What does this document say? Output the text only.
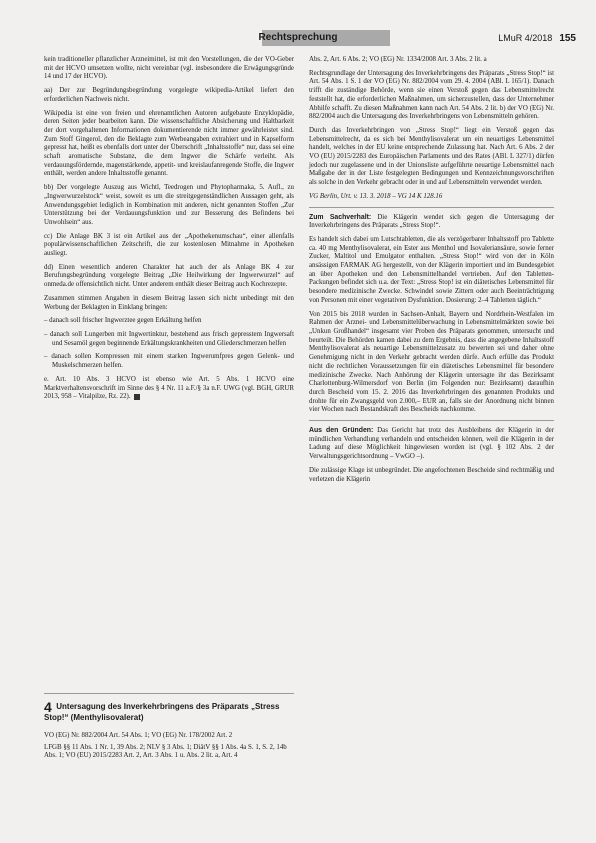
Rechtsprechung	LMuR 4/2018 155

kein traditioneller pflanzlicher Arzneimittel, ist mit den Vorstellungen, die der VO-Geber mit der HCVO umsetzen wollte, nicht vereinbar (vgl. insbesondere die Erwägungsgründe 14 und 17 der HCVO).

aa) Der zur Begründungsbegründung vorgelegte wikipedia-Artikel liefert den erforderlichen Nachweis nicht.

Wikipedia ist eine von freien und ehrenamtlichen Autoren aufgebaute Enzyklopädie, deren Seiten jeder bearbeiten kann. Die wissenschaftliche Absicherung und Haltbarkeit der dort vorgehaltenen Informationen dokumentierende nicht immer gewährleistet sind. Zum Stoff Gingerol, den die Beklagte zum Werbeangaben extrahiert und in Kapselform gepresst hat, heißt es ebenfalls dort unter der Überschrift „Inhaltsstoffe“ nur, dass sei eine schaft aromatische Substanz, die dem Ingwer die Schärfe verleiht. Als verdauungsfördernde, magenstärkende, appetit- und kreislaufanregende Stoffe, die Ingwer enthält, werden andere Inhaltsstoffe genannt.

bb) Der vorgelegte Auszug aus Wichtl, Teedrogen und Phytopharmaka, 5. Aufl., zu „Ingwerwurzelstock“ weist, soweit es um die streitgegenständlichen Aussagen geht, als Anwendungsgebiet lediglich in Kombination mit anderen, nicht genannten Stoffen „Zur Unterstützung bei der Verdauungsfunktion und zur Besserung des Befindens bei Unwohlsein“ aus.

cc) Die Anlage BK 3 ist ein Artikel aus der „Apothekenumschau“, einer allenfalls populärwissenschaftlichen Zeitschrift, die zur kostenlosen Mitnahme in Apotheken ausliegt.

dd) Einen wesentlich anderen Charakter hat auch der als Anlage BK 4 zur Berufungsbegründung vorgelegte Beitrag „Die Heilwirkung der Ingwerwurzel“ auf onmeda.de offensichtlich nicht. Unter anderem enthält dieser Beitrag auch Kochrezepte.

Zusammen stimmen Angaben in diesem Beitrag lassen sich nicht unbedingt mit den Werbung der Beklagten in Einklang bringen:

– danach soll frischer Ingwerzteе gegen Erkältung helfen

– danach soll Lungerben mit Ingwertinktur, bestehend aus frisch gepresstem Ingwersaft und Sesamöl gegen beginnende Erkältungskrankheiten und Gliederschmerzen helfen

– danach sollen Kompressen mit einem starken Ingwerumfpres gegen Gelenk- und Muskelschmerzen helfen.

e. Art. 10 Abs. 3 HCVO ist ebenso wie Art. 5 Abs. 1 HCVO eine Marktverhaltensvorschrift im Sinne des § 4 Nr. 11 a.F./§ 3a n.F. UWG (vgl. BGH, GRUR 2013, 958 – Vitalpilze, Rz. 22).

4 Untersagung des Inverkehrbringens des Präparats „Stress Stop!“ (Menthylisovalerat)

VO (EG) Nr. 882/2004 Art. 54 Abs. 1; VO (EG) Nr. 178/2002 Art. 2

LFGB §§ 11 Abs. 1 Nr. 1, 39 Abs. 2; NLV § 3 Abs. 1; DiätV §§ 1 Abs. 4a S. 1, S. 2, 14b Abs. 1; VO (EU) 2015/2283 Art. 2, Art. 3 Abs. 1 u. Abs. 2 lit. a, Art. 4

Abs. 2, Art. 6 Abs. 2; VO (EG) Nr. 1334/2008 Art. 3 Abs. 2 lit. a

Rechtsgrundlage der Untersagung des Inverkehrbringens des Präparats „Stress Stop!“ ist Art. 54 Abs. 1 S. 1 der VO (EG) Nr. 882/2004 vom 29. 4. 2004 (ABl. L 165/1). Danach trifft die zuständige Behörde, wenn sie einen Verstoß gegen das Lebensmittelrecht feststellt hat, die erforderlichen Maßnahmen, um sicherzustellen, dass der Unternehmer Abhilfe schafft. Zu diesen Maßnahmen kann nach Art. 54 Abs. 2 lit. b) der VO (EG) Nr. 882/2004 auch die Untersagung des Inverkehrbringens von Lebensmitteln gehören.

Durch das Inverkehrbringen von „Stress Stop!“ liegt ein Verstoß gegen das Lebensmittelrecht, da es sich bei Menthylisovalerat um ein neuartiges Lebensmittel handelt, welches in der EU keine entsprechende Zulassung hat. Nach Art. 6 Abs. 2 der VO (EU) 2015/2283 des Europäischen Parlaments und des Rates (ABl. L 327/1) dürfen jedoch nur zugelassene und in der Unionsliste aufgeführte neuartige Lebensmittel nach Maßgabe der in der Liste festgelegten Bedingungen und Kennzeichnungsvorschriften als solche in den Verkehr gebracht oder in und auf Lebensmitteln verwendet werden.

VG Berlin, Urt. v. 13. 3. 2018 – VG 14 K 128.16

Zum Sachverhalt: Die Klägerin wendet sich gegen die Untersagung der Inverkehrbringens des Präparats „Stress Stop!“.

Es handelt sich dabei um Lutschtabletten, die als verzögerbarer Inhaltsstoff pro Tablette ca. 40 mg Menthylisovalerat, ein Ester aus Menthol und Isovaleriansäure, sowie ferner Zucker, Maltitol und Emulgator enthalten. „Stress Stop!“ wird von der in Köln ansässigen FARMAK AG hergestellt, von der Klägerin importiert und im Bundesgebiet an über Apotheken und den Lebensmittelhandel vertrieben. Auf den Tabletten-Packungen befindet sich u.a. der Text: „Stress Stop! ist ein diätetisches Lebensmittel für besondere medizinische Zwecke. Schwindel sowie Zittern oder auch Beeinträchtigung von Personen mit einer vegetativen Dysfunktion. Dosierung: 2–4 Tabletten täglich.“

Von 2015 bis 2018 wurden in Sachsen-Anhalt, Bayern und Nordrhein-Westfalen im Rahmen der Arznei- und Lebensmittelüberwachung in Lebensmittelmärkten sowie bei „Unkun Großhandel“ insgesamt vier Proben des Präparats genommen, untersucht und beurteilt. Die Behörden kamen dabei zu dem Ergebnis, dass die angegebene Inhaltsstoff Menthylisovalerat als neuartige Lebensmittelzusatz zu bewerten sei und daher ohne Genehmigung nicht in den Verkehr gebracht werden dürfe. Auch erfülle das Produkt nicht die rechtlichen Voraussetzungen für ein diätetisches Lebensmittel für besondere medizinische Zwecke. Nach Anhörung der Klägerin untersagte ihr das Bezirksamt Charlottenburg-Wilmersdorf von Berlin (im Folgenden nur: Bezirksamt) daraufhin durch Bescheid vom 15. 2. 2016 das Inverkehrbringen des genannten Produkts und drohte für ein Zwangsgeld von 2.000,– EUR an, falls sie der Anordnung nicht binnen vier Wochen nach Bestandskraft des Bescheids nachkomme.

Aus den Gründen: Das Gericht hat trotz des Ausbleibens der Klägerin in der mündlichen Verhandlung verhandeln und entscheiden können, weil die Klägerin in der Ladung auf diese Möglichkeit hingewiesen worden ist (vgl. § 102 Abs. 2 der Verwaltungsgerichtsordnung – VwGO –).

Die zulässige Klage ist unbegründet. Die angefochtenen Bescheide sind rechtmäßig und verletzen die Klägerin
